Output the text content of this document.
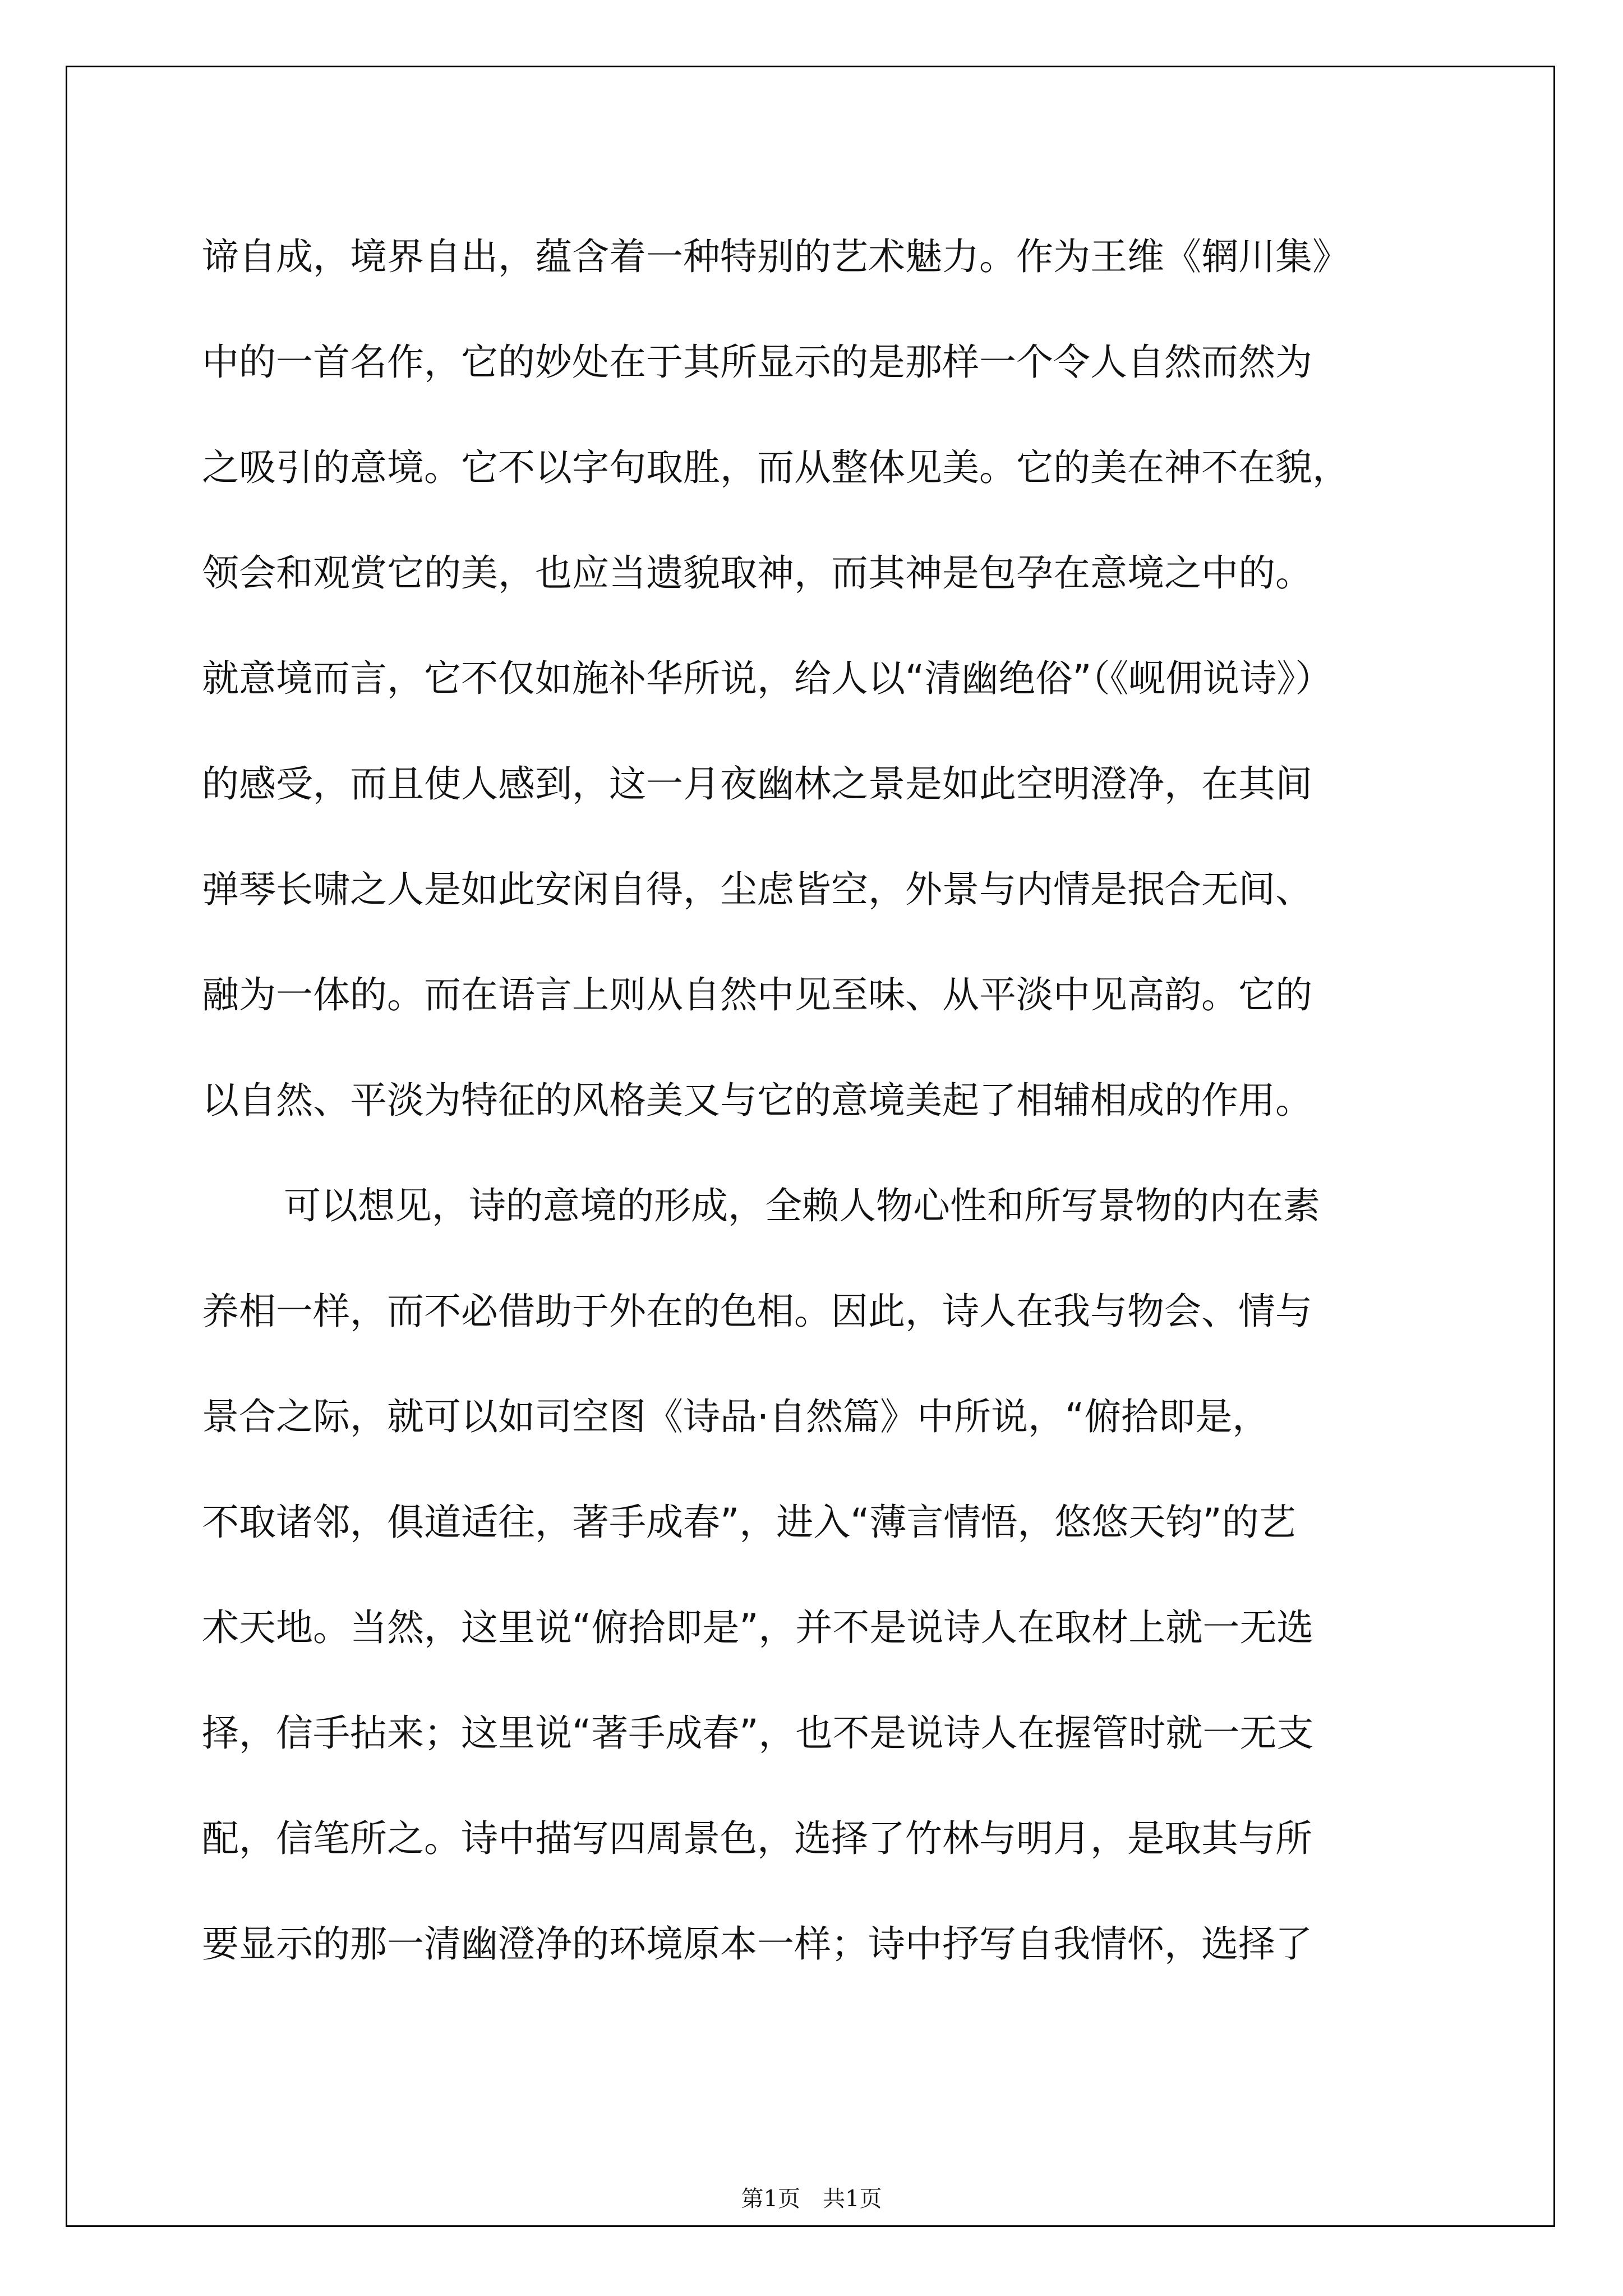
谛自成，境界自出，蕴含着一种特别的艺术魅力。作为王维《辋川集》
中的一首名作，它的妙处在于其所显示的是那样一个令人自然而然为
之吸引的意境。它不以字句取胜，而从整体见美。它的美在神不在貌，
领会和观赏它的美，也应当遗貌取神，而其神是包孕在意境之中的。
就意境而言，它不仅如施补华所说，给人以“清幽绝俗”（《岘佣说诗》）
的感受，而且使人感到，这一月夜幽林之景是如此空明澄净，在其间
弹琴长啸之人是如此安闲自得，尘虑皆空，外景与内情是抿合无间、
融为一体的。而在语言上则从自然中见至味、从平淡中见高韵。它的
以自然、平淡为特征的风格美又与它的意境美起了相辅相成的作用。
可以想见，诗的意境的形成，全赖人物心性和所写景物的内在素
养相一样，而不必借助于外在的色相。因此，诗人在我与物会、情与
景合之际，就可以如司空图《诗品·自然篇》中所说，“俯拾即是，
不取诸邻，俱道适往，著手成春”，进入“薄言情悟，悠悠天钧”的艺
术天地。当然，这里说“俯拾即是”，并不是说诗人在取材上就一无选
择，信手拈来；这里说“著手成春”，也不是说诗人在握管时就一无支
配，信笔所之。诗中描写四周景色，选择了竹林与明月，是取其与所
要显示的那一清幽澄净的环境原本一样；诗中抒写自我情怀，选择了
第1页　共1页
